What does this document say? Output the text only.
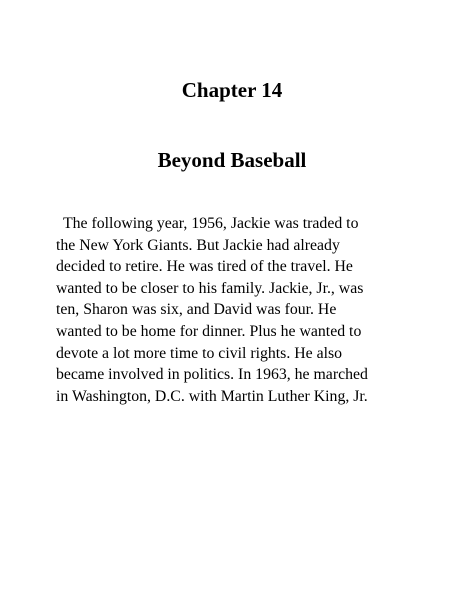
Chapter 14
Beyond Baseball

The following year, 1956, Jackie was traded to
the New York Giants. But Jackie had already
decided to retire. He was tired of the travel. He
wanted to be closer to his family. Jackie, Jr., was
ten, Sharon was six, and David was four. He
wanted to be home for dinner. Plus he wanted to
devote a lot more time to civil rights. He also
became involved in politics. In 1963, he marched
in Washington, D.C. with Martin Luther King, Jr.
